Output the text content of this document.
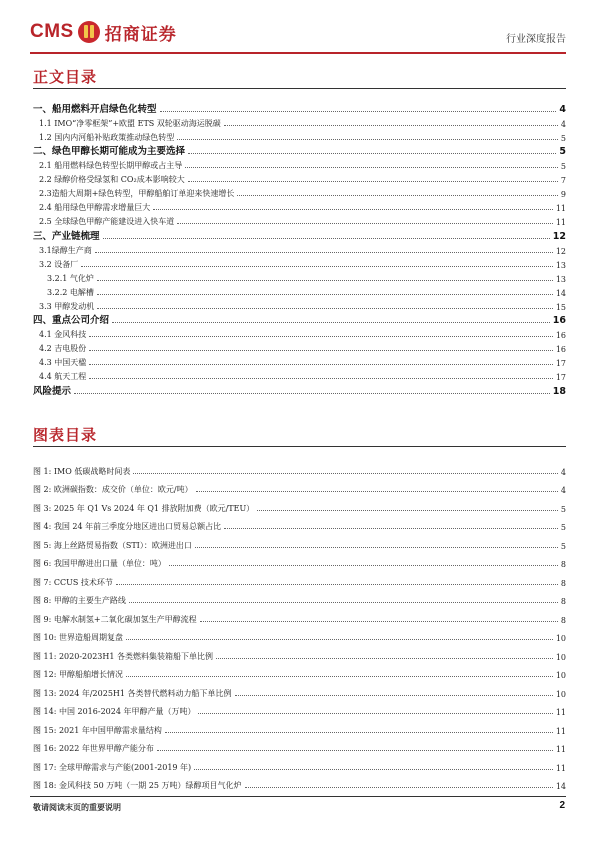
CMS 招商证券	行业深度报告
正文目录
一、船用燃料开启绿色化转型	4
1.1 IMO“净零框架”+欧盟 ETS 双轮驱动海运脱碳	4
1.2 国内内河船补贴政策推动绿色转型	5
二、绿色甲醇长期可能成为主要选择	5
2.1 船用燃料绿色转型长期甲醇或占主导	5
2.2 绿醇价格受绿氢和 CO₂成本影响较大	7
2.3造船大周期+绿色转型，甲醇船舶订单迎来快速增长	9
2.4 船用绿色甲醇需求增量巨大	11
2.5 全球绿色甲醇产能建设进入快车道	11
三、产业链梳理	12
3.1绿醇生产商	12
3.2 设备厂	13
3.2.1 气化炉	13
3.2.2 电解槽	14
3.3 甲醇发动机	15
四、重点公司介绍	16
4.1 金风科技	16
4.2 吉电股份	16
4.3 中国天楹	17
4.4 航天工程	17
风险提示	18
图表目录
图 1: IMO 低碳战略时间表	4
图 2: 欧洲碳指数：成交价（单位：欧元/吨）	4
图 3: 2025 年 Q1 Vs 2024 年 Q1 排放附加费（欧元/TEU）	5
图 4: 我国 24 年前三季度分地区进出口贸易总额占比	5
图 5: 海上丝路贸易指数（STI）：欧洲进出口	5
图 6: 我国甲醇进出口量（单位：吨）	8
图 7: CCUS 技术环节	8
图 8: 甲醇的主要生产路线	8
图 9: 电解水制氢+二氧化碳加氢生产甲醇流程	8
图 10: 世界造船周期复盘	10
图 11: 2020-2023H1 各类燃料集装箱船下单比例	10
图 12: 甲醇船舶增长情况	10
图 13: 2024 年/2025H1 各类替代燃料动力船下单比例	10
图 14: 中国 2016-2024 年甲醇产量（万吨）	11
图 15: 2021 年中国甲醇需求量结构	11
图 16: 2022 年世界甲醇产能分布	11
图 17: 全球甲醇需求与产能(2001-2019 年)	11
图 18: 金风科技 50 万吨（一期 25 万吨）绿醇项目气化炉	14
敬请阅读末页的重要说明	2
